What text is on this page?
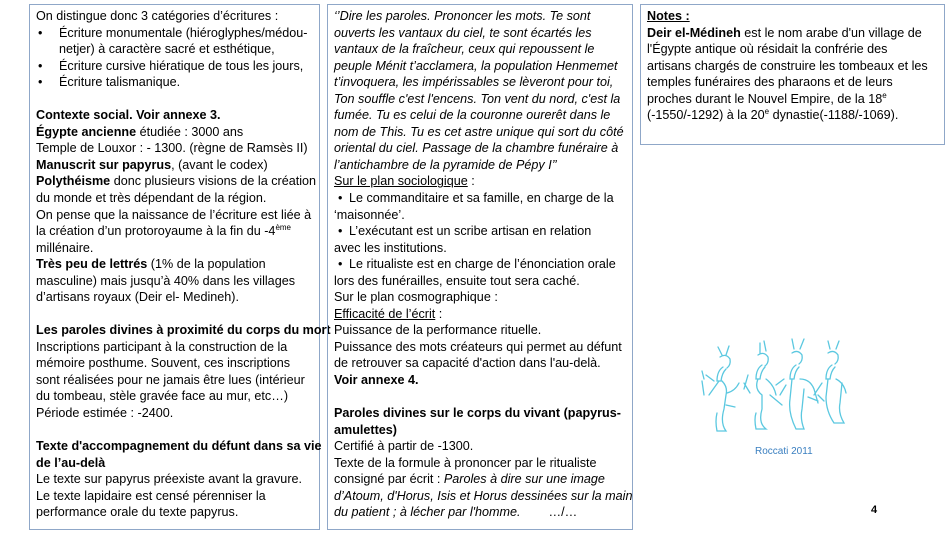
On distingue donc 3 catégories d’écritures :
• Écriture monumentale (hiéroglyphes/médou-
netjer) à caractère sacré et esthétique,
• Écriture cursive hiératique de tous les jours,
• Écriture talismanique.
Contexte social. Voir annexe 3.
Égypte ancienne étudiée : 3000 ans
Temple de Louxor : - 1300. (règne de Ramsès II)
Manuscrit sur papyrus, (avant le codex)
Polythéisme donc plusieurs visions de la création
du monde et très dépendant de la région.
On pense que la naissance de l’écriture est liée à
la création d’un protoroyaume à la fin du -4ème
millénaire.
Très peu de lettrés (1% de la population
masculine) mais jusqu’à 40% dans les villages
d’artisans royaux (Deir el- Medineh).
Les paroles divines à proximité du corps du mort
Inscriptions participant à la construction de la
mémoire posthume. Souvent, ces inscriptions
sont réalisées pour ne jamais être lues (intérieur
du tombeau, stèle gravée face au mur, etc…)
Période estimée : -2400.
Texte d'accompagnement du défunt dans sa vie
de l’au-delà
Le texte sur papyrus préexiste avant la gravure.
Le texte lapidaire est censé pérenniser la
performance orale du texte papyrus.
‘’Dire les paroles. Prononcer les mots. Te sont
ouverts les vantaux du ciel, te sont écartés les
vantaux de la fraîcheur, ceux qui repoussent le
peuple Ménit t’acclamera, la population Henmemet
t’invoquera, les impérissables se lèveront pour toi,
Ton souffle c'est l'encens. Ton vent du nord, c'est la
fumée. Tu es celui de la couronne ourerêt dans le
nom de This. Tu es cet astre unique qui sort du côté
oriental du ciel. Passage de la chambre funéraire à
l’antichambre de la pyramide de Pépy I’’
Sur le plan sociologique :
• Le commanditaire et sa famille, en charge de la
‘maisonnée’.
• L’exécutant est un scribe artisan en relation
avec les institutions.
• Le ritualiste est en charge de l’énonciation orale
lors des funérailles, ensuite tout sera caché.
Sur le plan cosmographique :
Efficacité de l’écrit :
Puissance de la performance rituelle.
Puissance des mots créateurs qui permet au défunt
de retrouver sa capacité d'action dans l'au-delà.
Voir annexe 4.
Paroles divines sur le corps du vivant (papyrus-
amulettes)
Certifié à partir de -1300.
Texte de la formule à prononcer par le ritualiste
consigné par écrit : Paroles à dire sur une image
d’Atoum, d'Horus, Isis et Horus dessinées sur la main
du patient ; à lécher par l'homme.        …/…
Notes :
Deir el-Médineh est le nom arabe d'un village de
l'Égypte antique où résidait la confrérie des
artisans chargés de construire les tombeaux et les
temples funéraires des pharaons et de leurs
proches durant le Nouvel Empire, de la 18e
(-1550/-1292) à la 20e dynastie(-1188/-1069).
Roccati 2011
4
